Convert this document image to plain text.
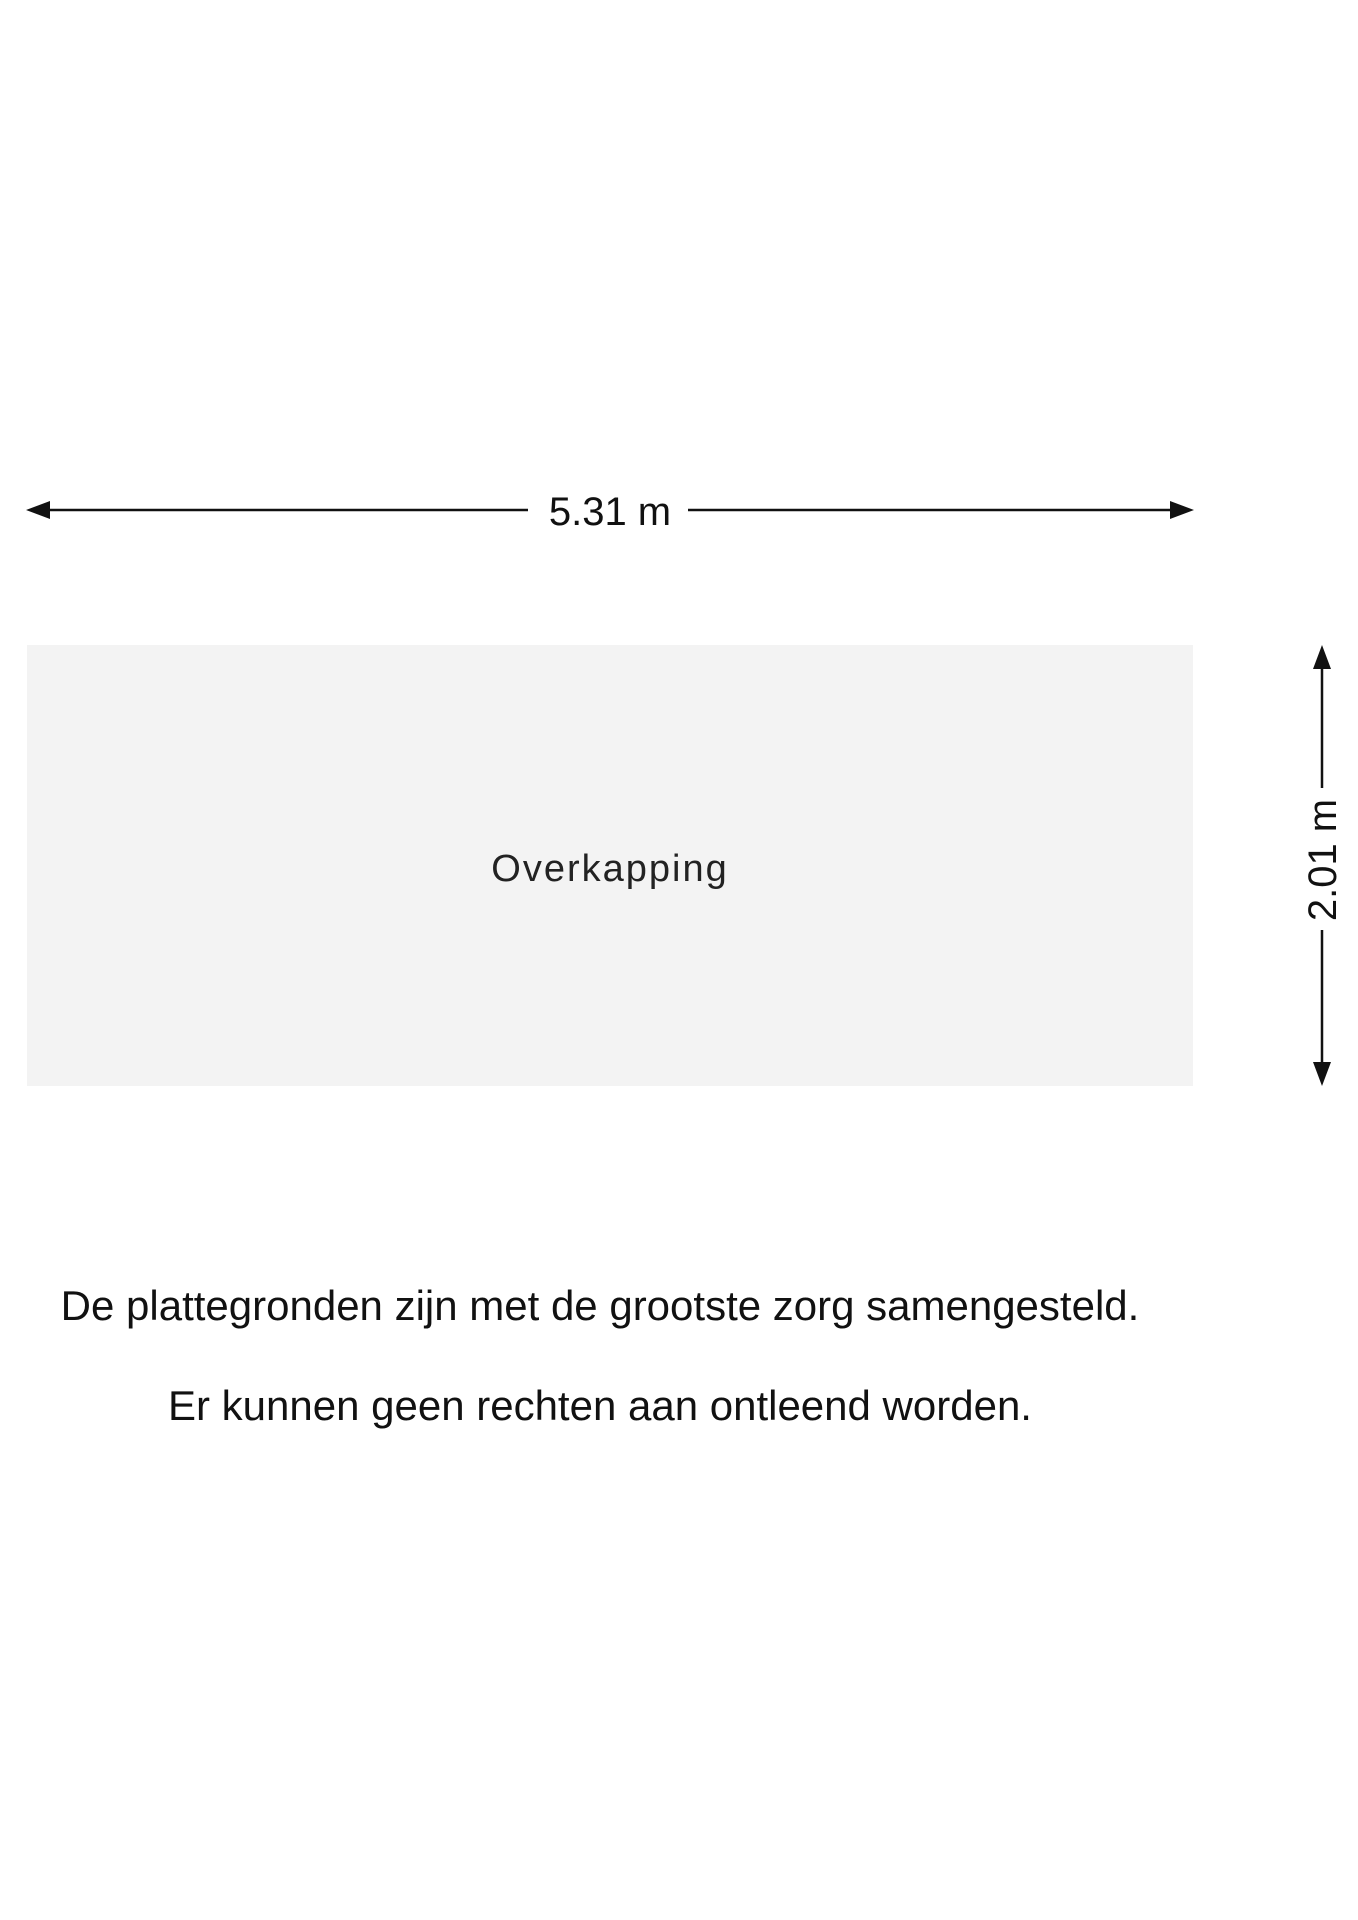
Overkapping
5.31 m
2.01 m
De plattegronden zijn met de grootste zorg samengesteld.
Er kunnen geen rechten aan ontleend worden.
